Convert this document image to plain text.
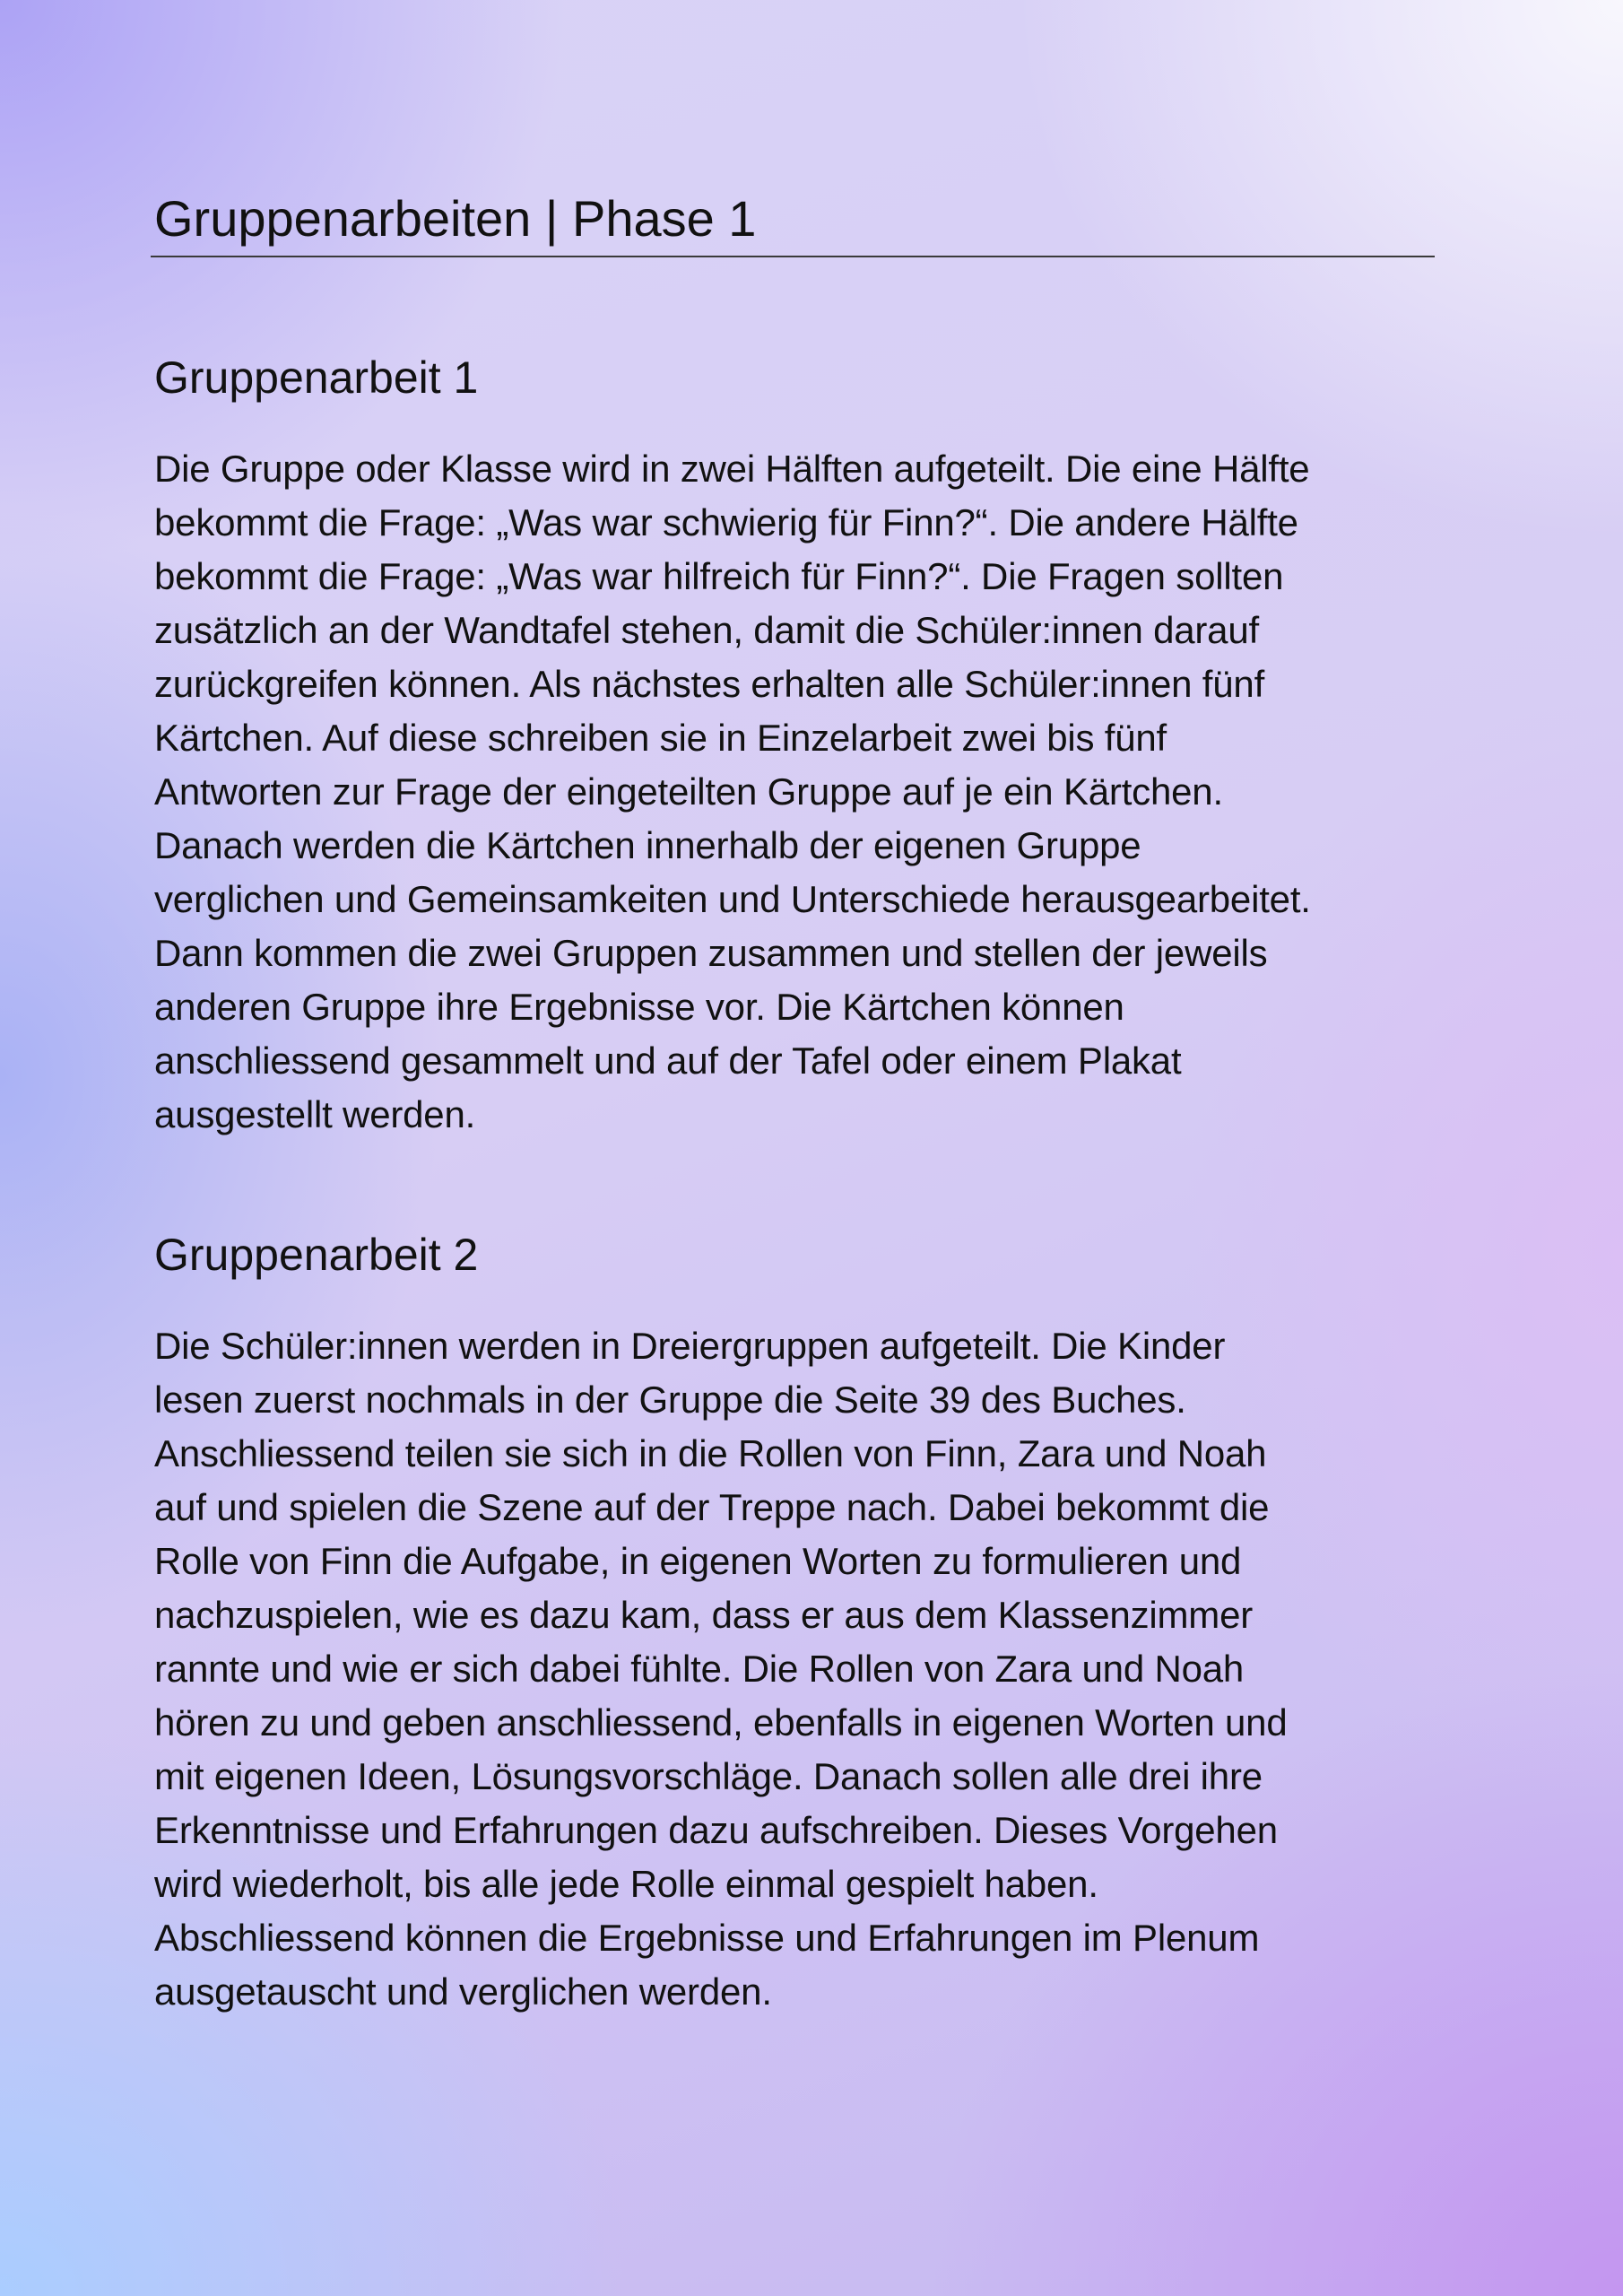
Gruppenarbeiten | Phase 1
Gruppenarbeit 1

Die Gruppe oder Klasse wird in zwei Hälften aufgeteilt. Die eine Hälfte
bekommt die Frage: „Was war schwierig für Finn?“. Die andere Hälfte
bekommt die Frage: „Was war hilfreich für Finn?“. Die Fragen sollten
zusätzlich an der Wandtafel stehen, damit die Schüler:innen darauf
zurückgreifen können. Als nächstes erhalten alle Schüler:innen fünf
Kärtchen. Auf diese schreiben sie in Einzelarbeit zwei bis fünf
Antworten zur Frage der eingeteilten Gruppe auf je ein Kärtchen.
Danach werden die Kärtchen innerhalb der eigenen Gruppe
verglichen und Gemeinsamkeiten und Unterschiede herausgearbeitet.
Dann kommen die zwei Gruppen zusammen und stellen der jeweils
anderen Gruppe ihre Ergebnisse vor. Die Kärtchen können
anschliessend gesammelt und auf der Tafel oder einem Plakat
ausgestellt werden.

Gruppenarbeit 2

Die Schüler:innen werden in Dreiergruppen aufgeteilt. Die Kinder
lesen zuerst nochmals in der Gruppe die Seite 39 des Buches.
Anschliessend teilen sie sich in die Rollen von Finn, Zara und Noah
auf und spielen die Szene auf der Treppe nach. Dabei bekommt die
Rolle von Finn die Aufgabe, in eigenen Worten zu formulieren und
nachzuspielen, wie es dazu kam, dass er aus dem Klassenzimmer
rannte und wie er sich dabei fühlte. Die Rollen von Zara und Noah
hören zu und geben anschliessend, ebenfalls in eigenen Worten und
mit eigenen Ideen, Lösungsvorschläge. Danach sollen alle drei ihre
Erkenntnisse und Erfahrungen dazu aufschreiben. Dieses Vorgehen
wird wiederholt, bis alle jede Rolle einmal gespielt haben.
Abschliessend können die Ergebnisse und Erfahrungen im Plenum
ausgetauscht und verglichen werden.
